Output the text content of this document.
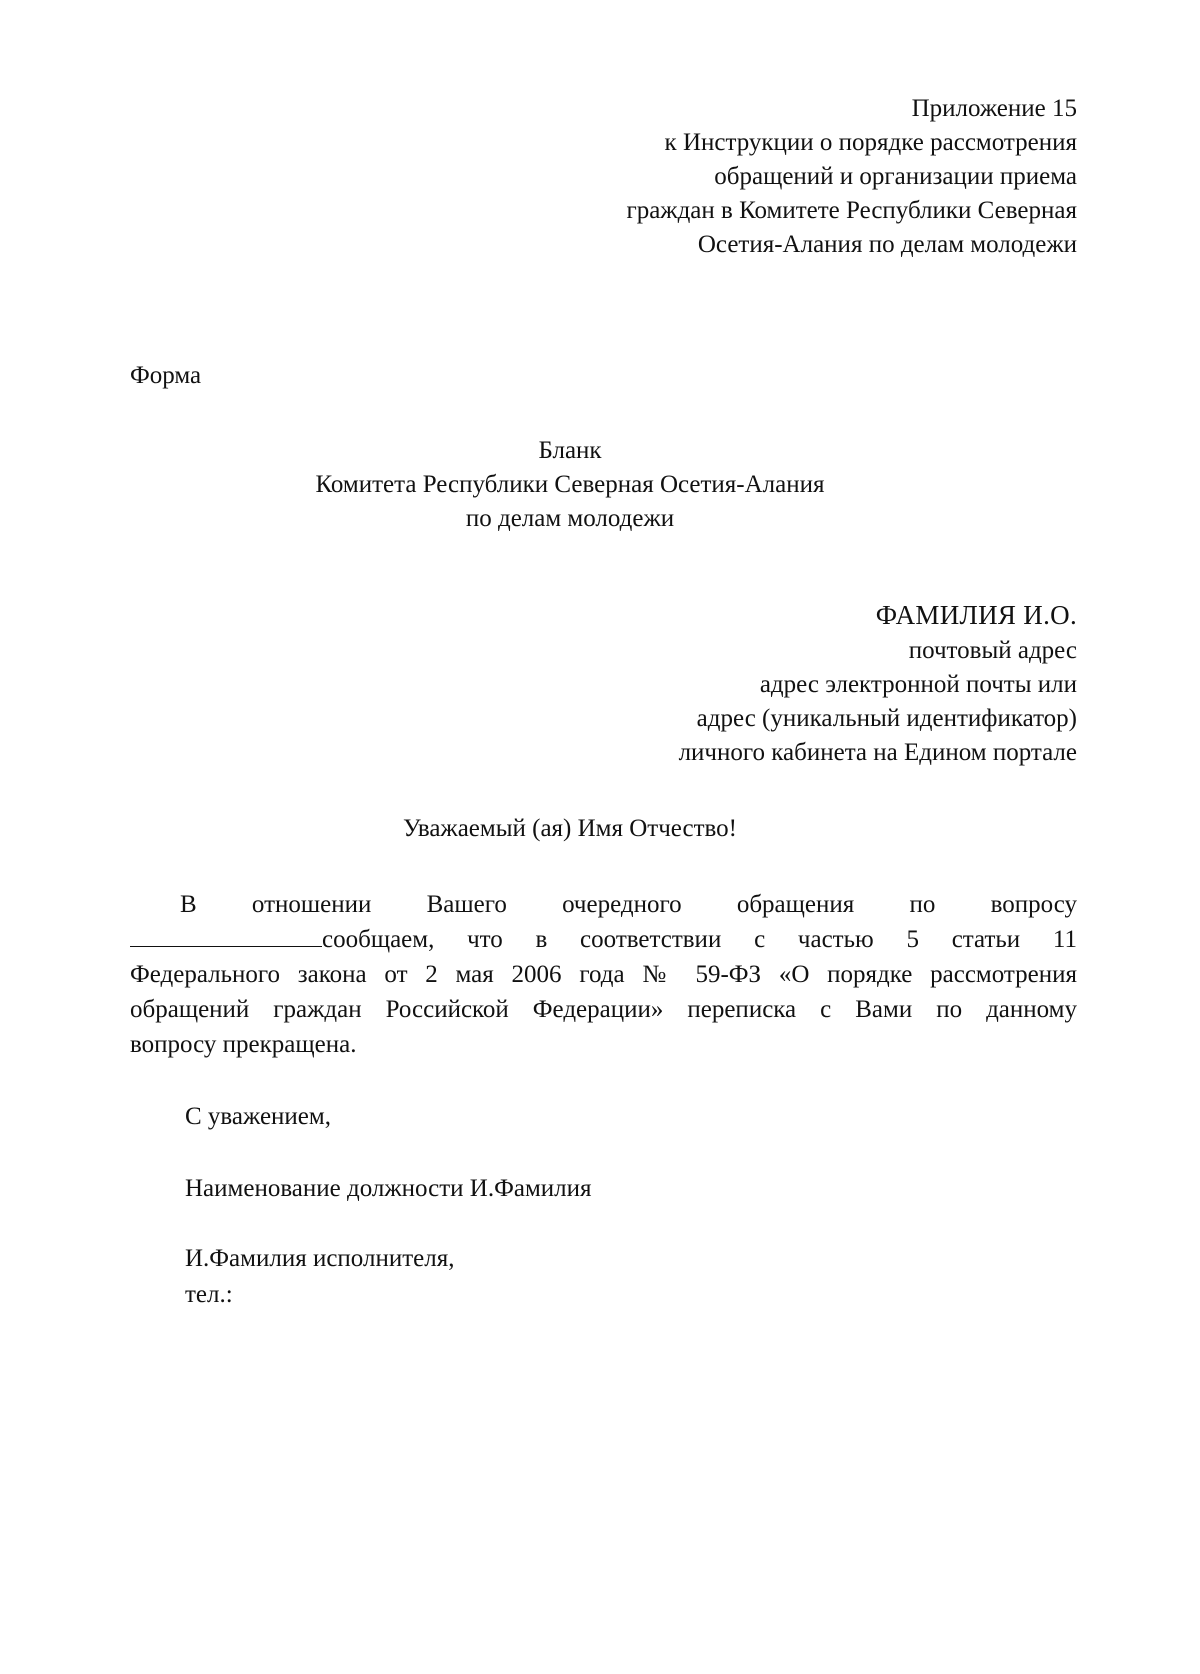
Приложение 15
к Инструкции о порядке рассмотрения
обращений и организации приема
граждан в Комитете Республики Северная
Осетия-Алания по делам молодежи
Форма
Бланк
Комитета Республики Северная Осетия-Алания
по делам молодежи
ФАМИЛИЯ И.О.
почтовый адрес
адрес электронной почты или
адрес (уникальный идентификатор)
личного кабинета на Едином портале
Уважаемый (ая) Имя Отчество!
В отношении Вашего очередного обращения по вопросу
сообщаем, что в соответствии с частью 5 статьи 11
Федерального закона от 2 мая 2006 года № 59-ФЗ «О порядке рассмотрения
обращений граждан Российской Федерации» переписка с Вами по данному
вопросу прекращена.
С уважением,
Наименование должности И.Фамилия
И.Фамилия исполнителя,
тел.:
